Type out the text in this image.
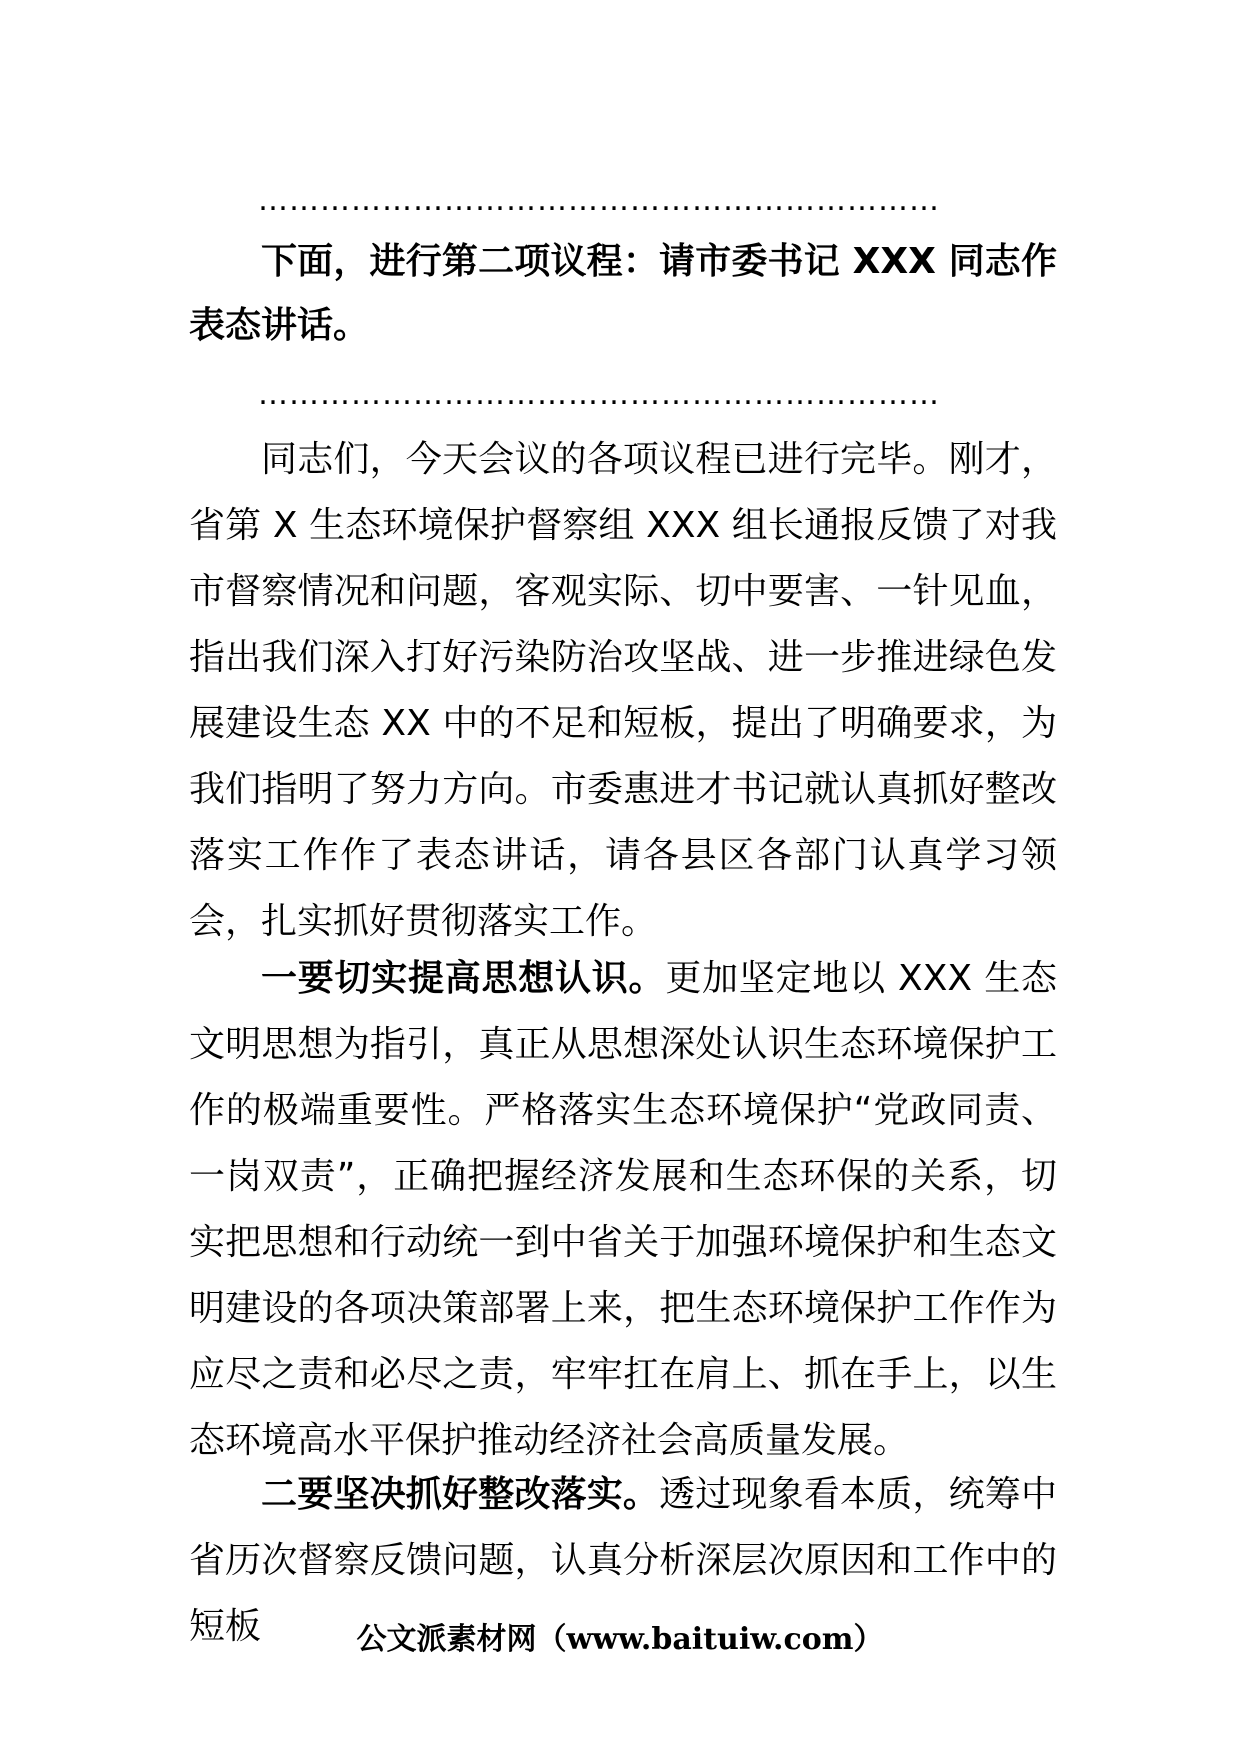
…………………………………………………………

下面，进行第二项议程：请市委书记 XXX 同志作表态讲话。

…………………………………………………………

同志们，今天会议的各项议程已进行完毕。刚才，省第 X 生态环境保护督察组 XXX 组长通报反馈了对我市督察情况和问题，客观实际、切中要害、一针见血，指出我们深入打好污染防治攻坚战、进一步推进绿色发展建设生态 XX 中的不足和短板，提出了明确要求，为我们指明了努力方向。市委惠进才书记就认真抓好整改落实工作作了表态讲话，请各县区各部门认真学习领会，扎实抓好贯彻落实工作。

一要切实提高思想认识。更加坚定地以 XXX 生态文明思想为指引，真正从思想深处认识生态环境保护工作的极端重要性。严格落实生态环境保护“党政同责、一岗双责”，正确把握经济发展和生态环保的关系，切实把思想和行动统一到中省关于加强环境保护和生态文明建设的各项决策部署上来，把生态环境保护工作作为应尽之责和必尽之责，牢牢扛在肩上、抓在手上，以生态环境高水平保护推动经济社会高质量发展。

二要坚决抓好整改落实。透过现象看本质，统筹中省历次督察反馈问题，认真分析深层次原因和工作中的短板	公文派素材网（www.baituiw.com）
